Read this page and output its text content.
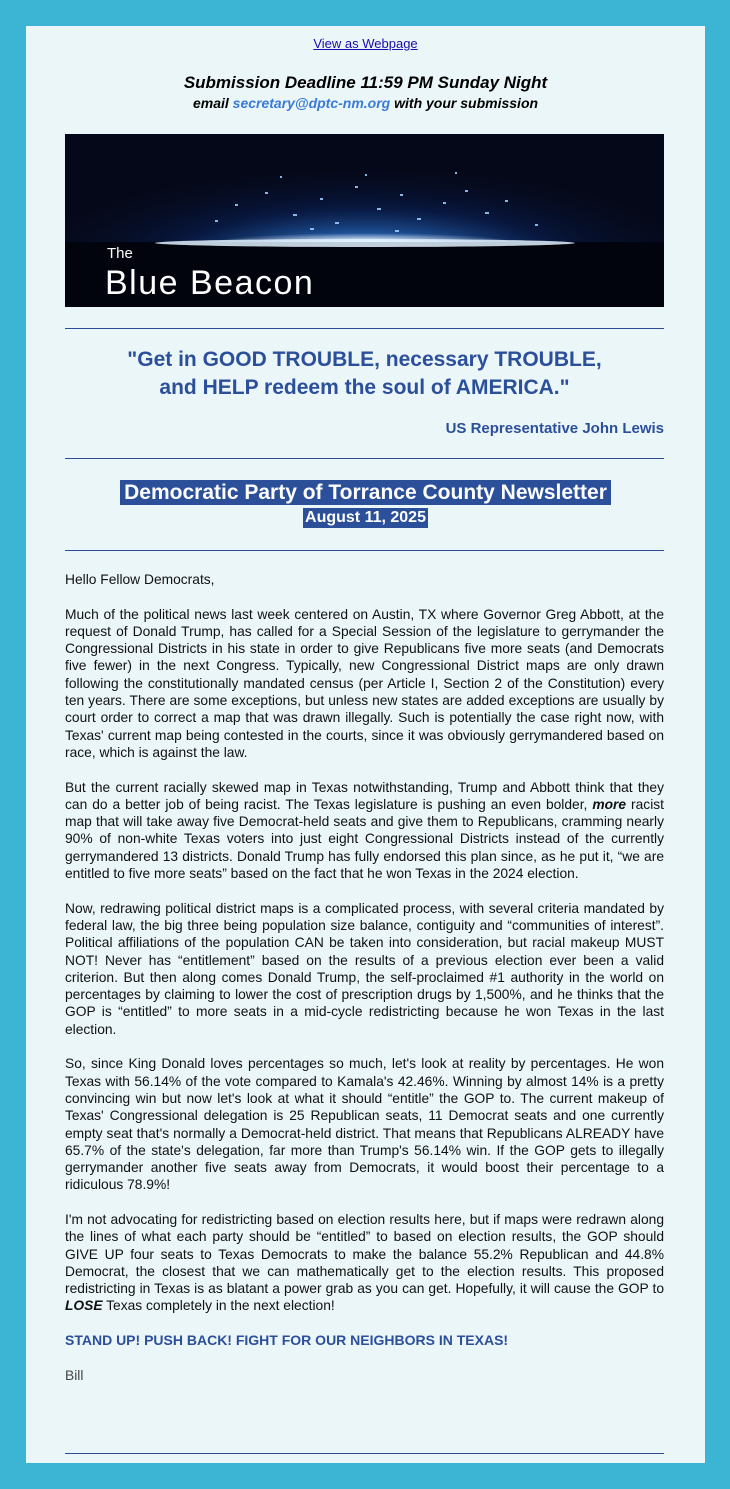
View as Webpage
Submission Deadline 11:59 PM Sunday Night
email secretary@dptc-nm.org with your submission
The
Blue Beacon
"Get in GOOD TROUBLE, necessary TROUBLE,
and HELP redeem the soul of AMERICA."
US Representative John Lewis
Democratic Party of Torrance County Newsletter
August 11, 2025

Hello Fellow Democrats,

Much of the political news last week centered on Austin, TX where Governor Greg Abbott, at the request of Donald Trump, has called for a Special Session of the legislature to gerrymander the Congressional Districts in his state in order to give Republicans five more seats (and Democrats five fewer) in the next Congress. Typically, new Congressional District maps are only drawn following the constitutionally mandated census (per Article I, Section 2 of the Constitution) every ten years. There are some exceptions, but unless new states are added exceptions are usually by court order to correct a map that was drawn illegally. Such is potentially the case right now, with Texas' current map being contested in the courts, since it was obviously gerrymandered based on race, which is against the law.

But the current racially skewed map in Texas notwithstanding, Trump and Abbott think that they can do a better job of being racist. The Texas legislature is pushing an even bolder, more racist map that will take away five Democrat-held seats and give them to Republicans, cramming nearly 90% of non-white Texas voters into just eight Congressional Districts instead of the currently gerrymandered 13 districts. Donald Trump has fully endorsed this plan since, as he put it, “we are entitled to five more seats” based on the fact that he won Texas in the 2024 election.

Now, redrawing political district maps is a complicated process, with several criteria mandated by federal law, the big three being population size balance, contiguity and “communities of interest”. Political affiliations of the population CAN be taken into consideration, but racial makeup MUST NOT! Never has “entitlement” based on the results of a previous election ever been a valid criterion. But then along comes Donald Trump, the self-proclaimed #1 authority in the world on percentages by claiming to lower the cost of prescription drugs by 1,500%, and he thinks that the GOP is “entitled” to more seats in a mid-cycle redistricting because he won Texas in the last election.

So, since King Donald loves percentages so much, let's look at reality by percentages. He won Texas with 56.14% of the vote compared to Kamala's 42.46%. Winning by almost 14% is a pretty convincing win but now let's look at what it should “entitle” the GOP to. The current makeup of Texas' Congressional delegation is 25 Republican seats, 11 Democrat seats and one currently empty seat that's normally a Democrat-held district. That means that Republicans ALREADY have 65.7% of the state's delegation, far more than Trump's 56.14% win. If the GOP gets to illegally gerrymander another five seats away from Democrats, it would boost their percentage to a ridiculous 78.9%!

I'm not advocating for redistricting based on election results here, but if maps were redrawn along the lines of what each party should be “entitled” to based on election results, the GOP should GIVE UP four seats to Texas Democrats to make the balance 55.2% Republican and 44.8% Democrat, the closest that we can mathematically get to the election results. This proposed redistricting in Texas is as blatant a power grab as you can get. Hopefully, it will cause the GOP to LOSE Texas completely in the next election!

STAND UP! PUSH BACK! FIGHT FOR OUR NEIGHBORS IN TEXAS!

Bill
